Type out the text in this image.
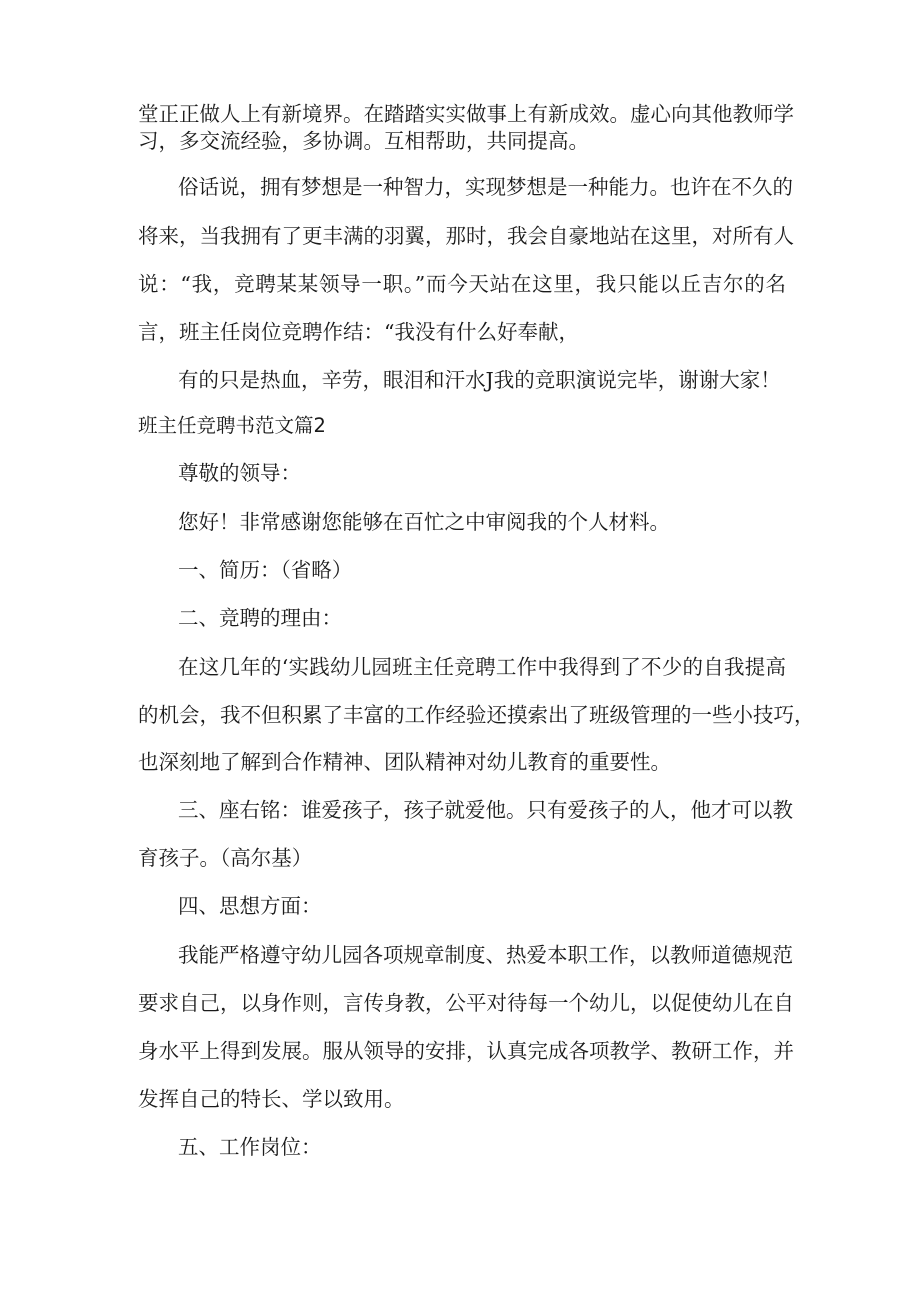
堂正正做人上有新境界。在踏踏实实做事上有新成效。虚心向其他教师学

习，多交流经验，多协调。互相帮助，共同提高。

俗话说，拥有梦想是一种智力，实现梦想是一种能力。也许在不久的

将来，当我拥有了更丰满的羽翼，那时，我会自豪地站在这里，对所有人

说：“我，竞聘某某领导一职。”而今天站在这里，我只能以丘吉尔的名

言，班主任岗位竞聘作结：“我没有什么好奉献，

有的只是热血，辛劳，眼泪和汗水J我的竞职演说完毕，谢谢大家！

班主任竞聘书范文篇2

尊敬的领导：

您好！非常感谢您能够在百忙之中审阅我的个人材料。

一、简历：（省略）

二、竞聘的理由：

在这几年的‘实践幼儿园班主任竞聘工作中我得到了不少的自我提高

的机会，我不但积累了丰富的工作经验还摸索出了班级管理的一些小技巧，

也深刻地了解到合作精神、团队精神对幼儿教育的重要性。

三、座右铭：谁爱孩子，孩子就爱他。只有爱孩子的人，他才可以教

育孩子。（高尔基）

四、思想方面：

我能严格遵守幼儿园各项规章制度、热爱本职工作，以教师道德规范

要求自己，以身作则，言传身教，公平对待每一个幼儿，以促使幼儿在自

身水平上得到发展。服从领导的安排，认真完成各项教学、教研工作，并

发挥自己的特长、学以致用。

五、工作岗位：
